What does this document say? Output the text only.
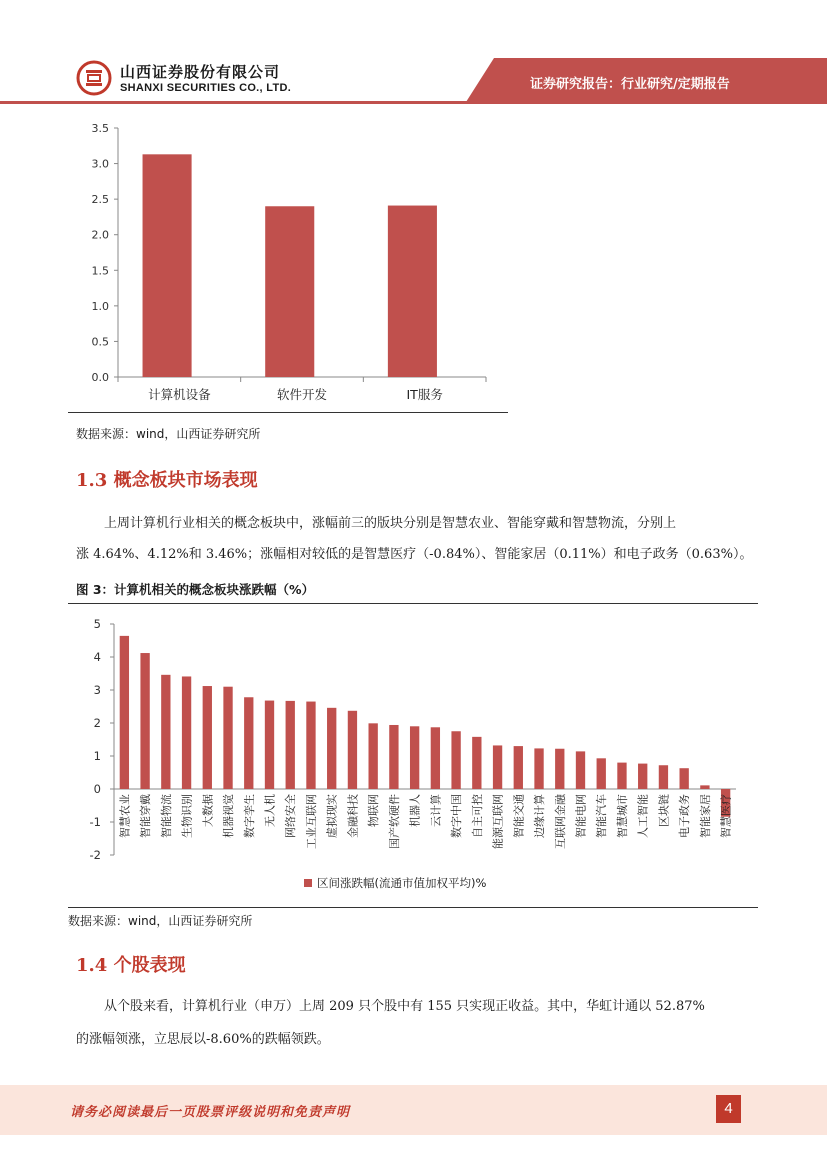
山西证券股份有限公司
SHANXI SECURITIES CO., LTD.	证券研究报告：行业研究/定期报告
3.5
3.0
2.5
2.0
1.5
1.0
0.5
0.0
计算机设备	软件开发	IT服务
数据来源：wind，山西证券研究所
1.3 概念板块市场表现
上周计算机行业相关的概念板块中，涨幅前三的版块分别是智慧农业、智能穿戴和智慧物流，分别上
涨 4.64%、4.12%和 3.46%；涨幅相对较低的是智慧医疗（-0.84%）、智能家居（0.11%）和电子政务（0.63%）。
图 3：计算机相关的概念板块涨跌幅（%）
5
4
3
2
1
0
-1
-2
智慧农业 智能穿戴 智能物流 生物识别 大数据 机器视觉 数字孪生 无人机 网络安全 工业互联网 虚拟现实 金融科技 物联网 国产软硬件 机器人 云计算 数字中国 自主可控 能源互联网 智能交通 边缘计算 互联网金融 智能电网 智能汽车 智慧城市 人工智能 区块链 电子政务 智能家居 智慧医疗
区间涨跌幅(流通市值加权平均)%
数据来源：wind，山西证券研究所
1.4 个股表现
从个股来看，计算机行业（申万）上周 209 只个股中有 155 只实现正收益。其中，华虹计通以 52.87%
的涨幅领涨，立思辰以-8.60%的跌幅领跌。
请务必阅读最后一页股票评级说明和免责声明	4
